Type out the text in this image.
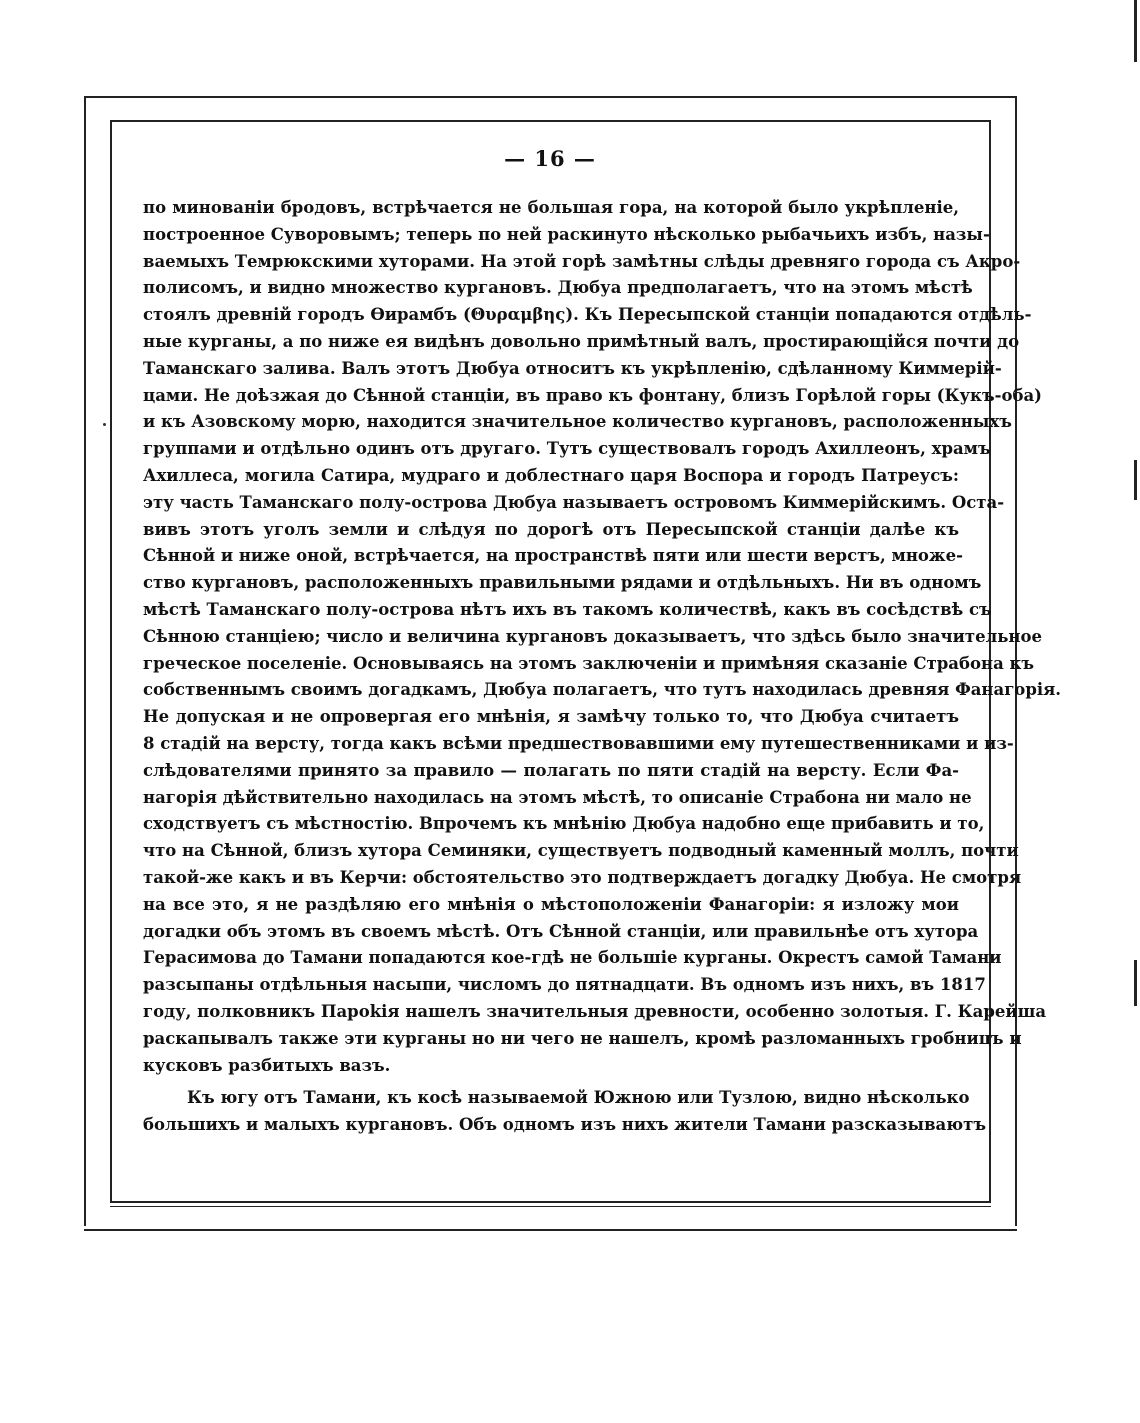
— 16 —
по минованіи бродовъ, встрѣчается не большая гора, на которой было укрѣпленіе,
построенное Суворовымъ; теперь по ней раскинуто нѣсколько рыбачьихъ избъ, назы-
ваемыхъ Темрюкскими хуторами. На этой горѣ замѣтны слѣды древняго города съ Акро-
полисомъ, и видно множество кургановъ. Дюбуа предполагаетъ, что на этомъ мѣстѣ
стоялъ древній городъ Өирамбъ (Θυραμβης). Къ Пересыпской станціи попадаются отдѣль-
ные курганы, а по ниже ея видѣнъ довольно примѣтный валъ, простирающійся почти до
Таманскаго залива. Валъ этотъ Дюбуа относитъ къ укрѣпленію, сдѣланному Киммерій-
цами. Не доѣзжая до Сѣнной станціи, въ право къ фонтану, близъ Горѣлой горы (Кукъ-оба)
и къ Азовскому морю, находится значительное количество кургановъ, расположенныхъ
группами и отдѣльно одинъ отъ другаго. Тутъ существовалъ городъ Ахиллеонъ, храмъ
Ахиллеса, могила Сатира, мудраго и доблестнаго царя Воспора и городъ Патреусъ:
эту часть Таманскаго полу-острова Дюбуа называетъ островомъ Киммерійскимъ. Оста-
вивъ этотъ уголъ земли и слѣдуя по дорогѣ отъ Пересыпской станціи далѣе къ
Сѣнной и ниже оной, встрѣчается, на пространствѣ пяти или шести верстъ, множе-
ство кургановъ, расположенныхъ правильными рядами и отдѣльныхъ. Ни въ одномъ
мѣстѣ Таманскаго полу-острова нѣтъ ихъ въ такомъ количествѣ, какъ въ сосѣдствѣ съ
Сѣнною станціею; число и величина кургановъ доказываетъ, что здѣсь было значительное
греческое поселеніе. Основываясь на этомъ заключеніи и примѣняя сказаніе Страбона къ
собственнымъ своимъ догадкамъ, Дюбуа полагаетъ, что тутъ находилась древняя Фанагорія.
Не допуская и не опровергая его мнѣнія, я замѣчу только то, что Дюбуа считаетъ
8 стадій на версту, тогда какъ всѣми предшествовавшими ему путешественниками и из-
слѣдователями принято за правило — полагать по пяти стадій на версту. Если Фа-
нагорія дѣйствительно находилась на этомъ мѣстѣ, то описаніе Страбона ни мало не
сходствуетъ съ мѣстностію. Впрочемъ къ мнѣнію Дюбуа надобно еще прибавить и то,
что на Сѣнной, близъ хутора Семиняки, существуетъ подводный каменный моллъ, почти
такой-же какъ и въ Керчи: обстоятельство это подтверждаетъ догадку Дюбуа. Не смотря
на все это, я не раздѣляю его мнѣнія о мѣстоположеніи Фанагоріи: я изложу мои
догадки объ этомъ въ своемъ мѣстѣ. Отъ Сѣнной станціи, или правильнѣе отъ хутора
Герасимова до Тамани попадаются кое-гдѣ не большіе курганы. Окрестъ самой Тамани
разсыпаны отдѣльныя насыпи, числомъ до пятнадцати. Въ одномъ изъ нихъ, въ 1817
году, полковникъ Пароkія нашелъ значительныя древности, особенно золотыя. Г. Карейша
раскапывалъ также эти курганы но ни чего не нашелъ, кромѣ разломанныхъ гробницъ и
кусковъ разбитыхъ вазъ.
Къ югу отъ Тамани, къ косѣ называемой Южною или Тузлою, видно нѣсколько
большихъ и малыхъ кургановъ. Объ одномъ изъ нихъ жители Тамани разсказываютъ
